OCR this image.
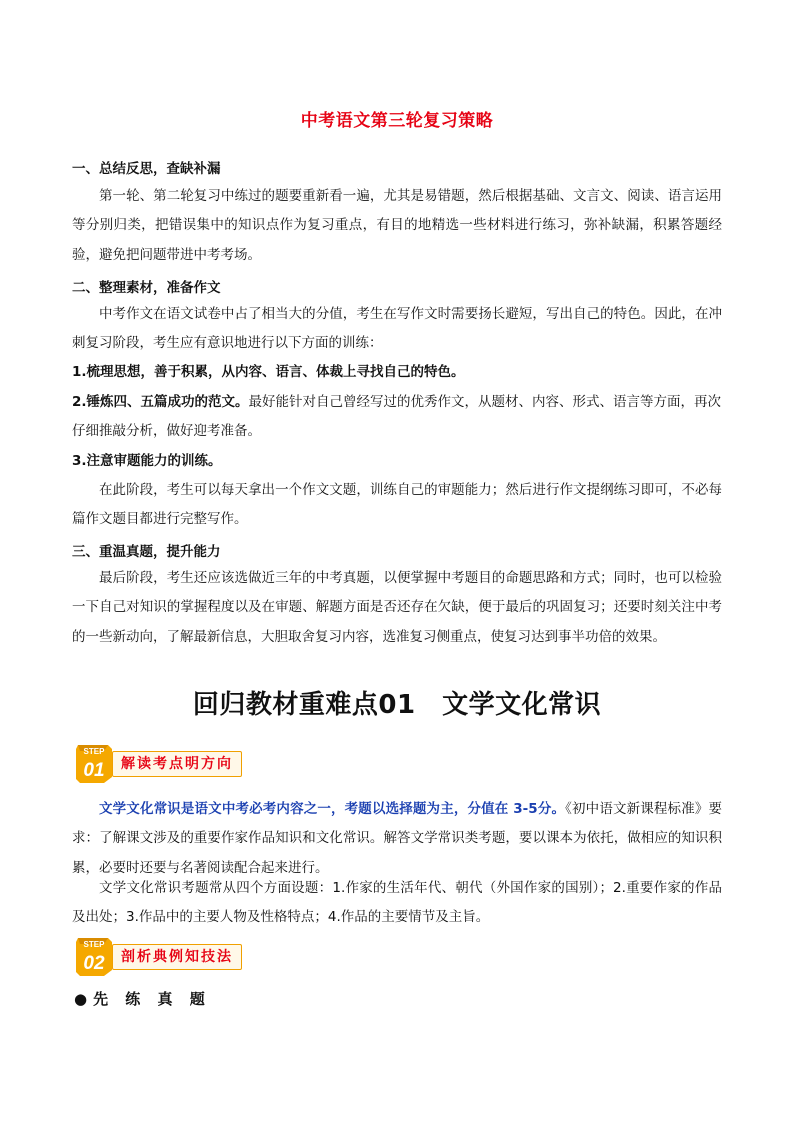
中考语文第三轮复习策略
一、总结反思，查缺补漏
第一轮、第二轮复习中练过的题要重新看一遍，尤其是易错题，然后根据基础、文言文、阅读、语言运用等分别归类，把错误集中的知识点作为复习重点，有目的地精选一些材料进行练习，弥补缺漏，积累答题经验，避免把问题带进中考考场。
二、整理素材，准备作文
中考作文在语文试卷中占了相当大的分值，考生在写作文时需要扬长避短，写出自己的特色。因此，在冲刺复习阶段，考生应有意识地进行以下方面的训练：
1.梳理思想，善于积累，从内容、语言、体裁上寻找自己的特色。
2.锤炼四、五篇成功的范文。最好能针对自己曾经写过的优秀作文，从题材、内容、形式、语言等方面，再次仔细推敲分析，做好迎考准备。
3.注意审题能力的训练。
在此阶段，考生可以每天拿出一个作文文题，训练自己的审题能力；然后进行作文提纲练习即可，不必每篇作文题目都进行完整写作。
三、重温真题，提升能力
最后阶段，考生还应该选做近三年的中考真题，以便掌握中考题目的命题思路和方式；同时，也可以检验一下自己对知识的掌握程度以及在审题、解题方面是否还存在欠缺，便于最后的巩固复习；还要时刻关注中考的一些新动向，了解最新信息，大胆取舍复习内容，选准复习侧重点，使复习达到事半功倍的效果。
回归教材重难点01　文学文化常识
STEP
01	解读考点明方向
文学文化常识是语文中考必考内容之一，考题以选择题为主，分值在 3-5分。《初中语文新课程标准》要求：了解课文涉及的重要作家作品知识和文化常识。解答文学常识类考题，要以课本为依托，做相应的知识积累，必要时还要与名著阅读配合起来进行。
文学文化常识考题常从四个方面设题：1.作家的生活年代、朝代（外国作家的国别）；2.重要作家的作品及出处；3.作品中的主要人物及性格特点；4.作品的主要情节及主旨。
STEP
02	剖析典例知技法
●先 练 真 题
